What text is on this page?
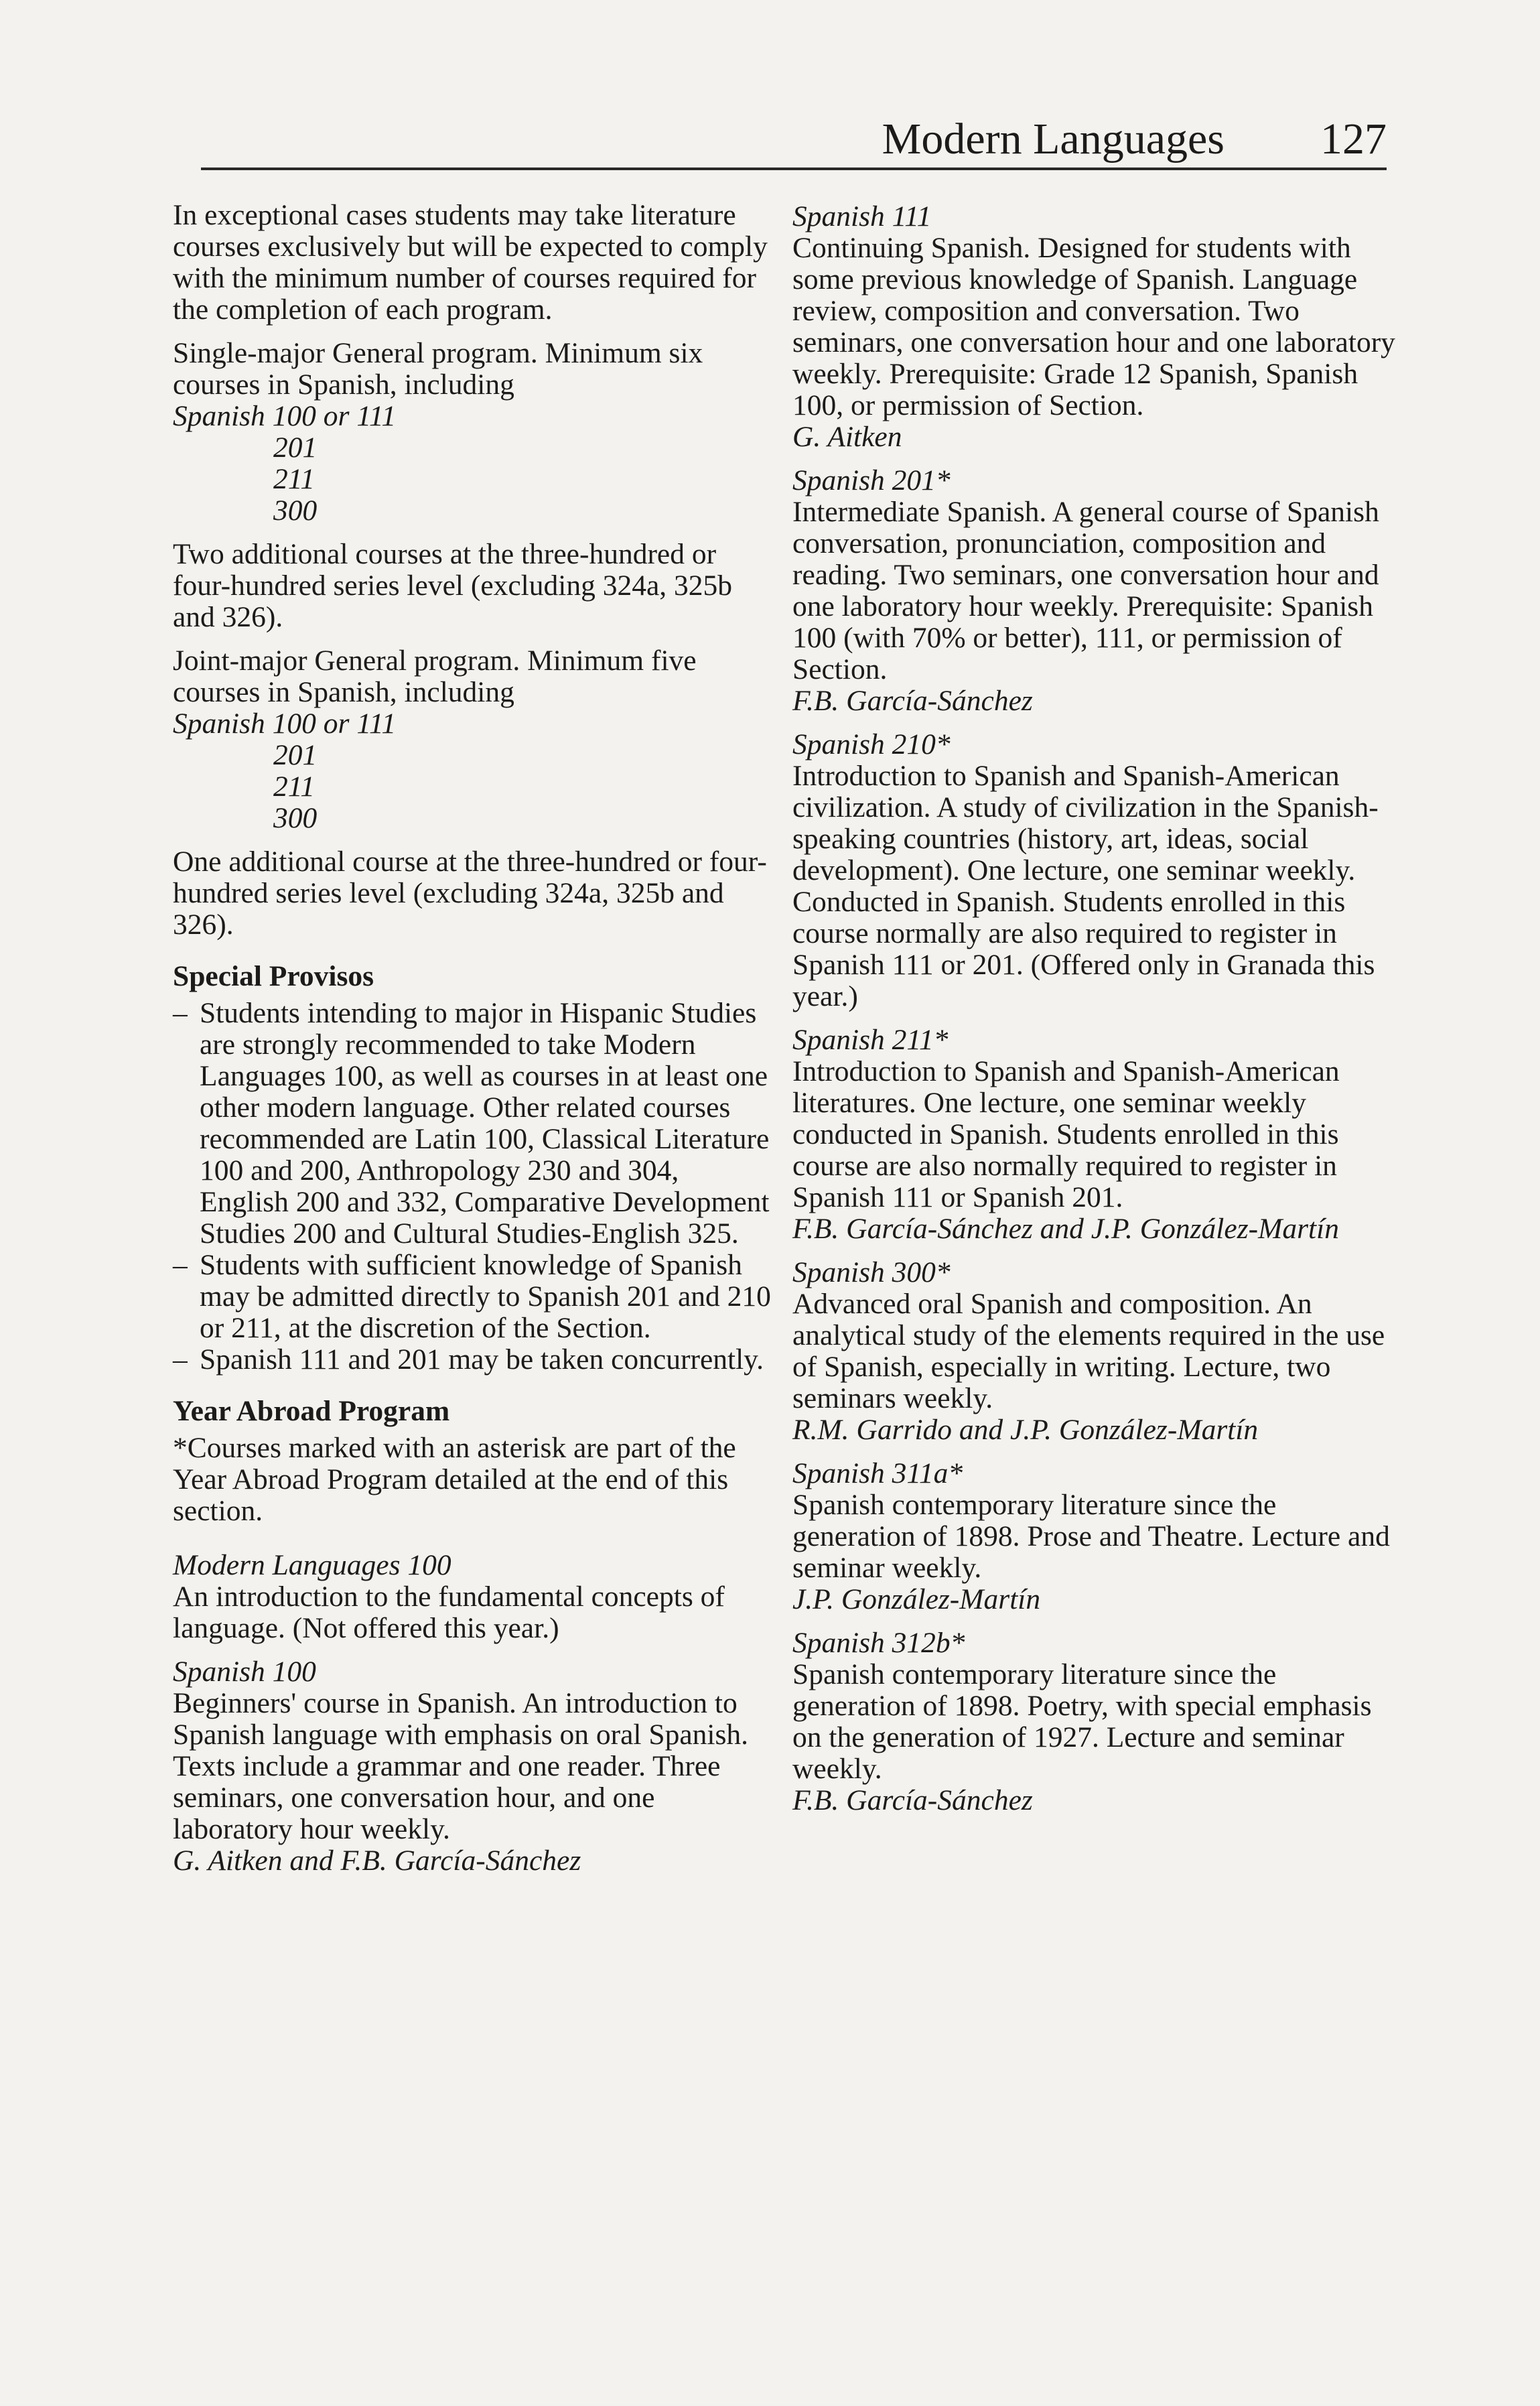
Modern Languages 127

In exceptional cases students may take literature courses exclusively but will be expected to comply with the minimum number of courses required for the completion of each program.

Single-major General program. Minimum six courses in Spanish, including

Spanish 100 or 111

201

211

300

Two additional courses at the three-hundred or four-hundred series level (excluding 324a, 325b and 326).

Joint-major General program. Minimum five courses in Spanish, including

Spanish 100 or 111

201

211

300

One additional course at the three-hundred or four-hundred series level (excluding 324a, 325b and 326).

Special Provisos

– Students intending to major in Hispanic Studies are strongly recommended to take Modern Languages 100, as well as courses in at least one other modern language. Other related courses recommended are Latin 100, Classical Literature 100 and 200, Anthropology 230 and 304, English 200 and 332, Comparative Development Studies 200 and Cultural Studies-English 325.

– Students with sufficient knowledge of Spanish may be admitted directly to Spanish 201 and 210 or 211, at the discretion of the Section.

– Spanish 111 and 201 may be taken concurrently.

Year Abroad Program

*Courses marked with an asterisk are part of the Year Abroad Program detailed at the end of this section.

Modern Languages 100

An introduction to the fundamental concepts of language. (Not offered this year.)

Spanish 100

Beginners' course in Spanish. An introduction to Spanish language with emphasis on oral Spanish. Texts include a grammar and one reader. Three seminars, one conversation hour, and one laboratory hour weekly.

G. Aitken and F.B. García-Sánchez

Spanish 111

Continuing Spanish. Designed for students with some previous knowledge of Spanish. Language review, composition and conversation. Two seminars, one conversation hour and one laboratory weekly. Prerequisite: Grade 12 Spanish, Spanish 100, or permission of Section.

G. Aitken

Spanish 201*

Intermediate Spanish. A general course of Spanish conversation, pronunciation, composition and reading. Two seminars, one conversation hour and one laboratory hour weekly. Prerequisite: Spanish 100 (with 70% or better), 111, or permission of Section.

F.B. García-Sánchez

Spanish 210*

Introduction to Spanish and Spanish-American civilization. A study of civilization in the Spanish-speaking countries (history, art, ideas, social development). One lecture, one seminar weekly. Conducted in Spanish. Students enrolled in this course normally are also required to register in Spanish 111 or 201. (Offered only in Granada this year.)

Spanish 211*

Introduction to Spanish and Spanish-American literatures. One lecture, one seminar weekly conducted in Spanish. Students enrolled in this course are also normally required to register in Spanish 111 or Spanish 201.

F.B. García-Sánchez and J.P. González-Martín

Spanish 300*

Advanced oral Spanish and composition. An analytical study of the elements required in the use of Spanish, especially in writing. Lecture, two seminars weekly.

R.M. Garrido and J.P. González-Martín

Spanish 311a*

Spanish contemporary literature since the generation of 1898. Prose and Theatre. Lecture and seminar weekly.

J.P. González-Martín

Spanish 312b*

Spanish contemporary literature since the generation of 1898. Poetry, with special emphasis on the generation of 1927. Lecture and seminar weekly.

F.B. García-Sánchez
